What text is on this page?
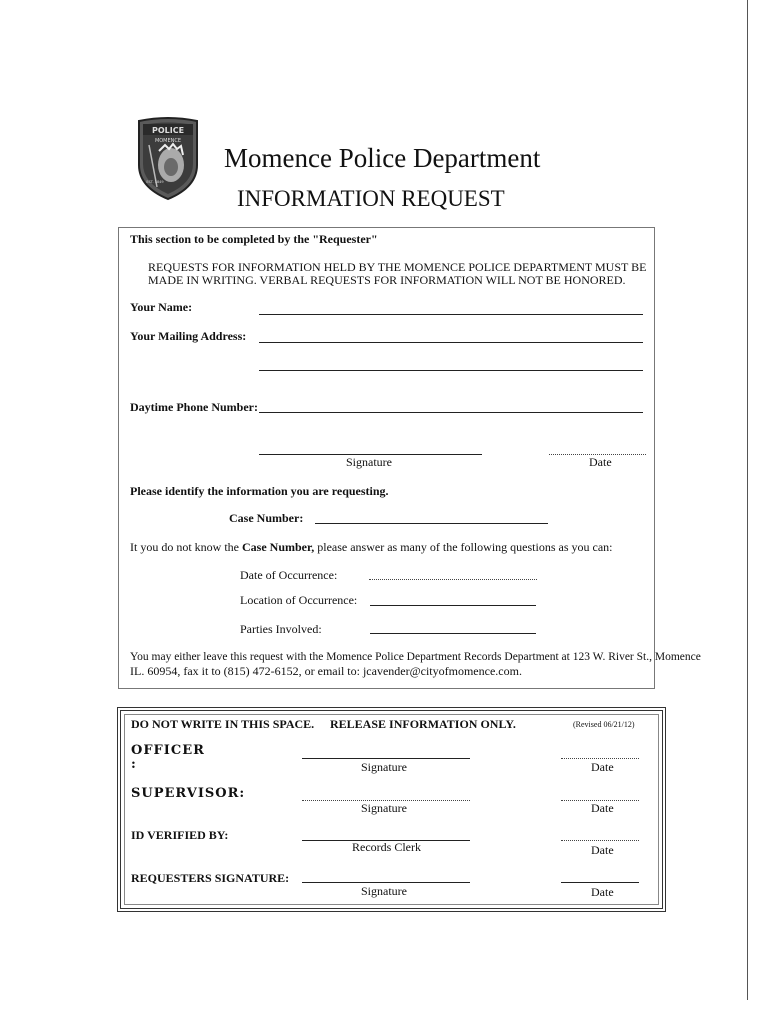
POLICE
MOMENCE
EST. 1849
Momence Police Department
INFORMATION REQUEST
This section to be completed by the "Requester"
REQUESTS FOR INFORMATION HELD BY THE MOMENCE POLICE DEPARTMENT MUST BE
MADE IN WRITING. VERBAL REQUESTS FOR INFORMATION WILL NOT BE HONORED.
Your Name:
Your Mailing Address:
Daytime Phone Number:
Signature	Date
Please identify the information you are requesting.
Case Number:
It you do not know the Case Number, please answer as many of the following questions as you can:
Date of Occurrence:
Location of Occurrence:
Parties Involved:
You may either leave this request with the Momence Police Department Records Department at 123 W. River St., Momence
IL. 60954, fax it to (815) 472-6152, or email to: jcavender@cityofmomence.com.
DO NOT WRITE IN THIS SPACE. RELEASE INFORMATION ONLY.	(Revised 06/21/12)
OFFICER
:	Signature	Date
SUPERVISOR:
Signature	Date
ID VERIFIED BY:
Records Clerk	Date
REQUESTERS SIGNATURE:
Signature	Date
